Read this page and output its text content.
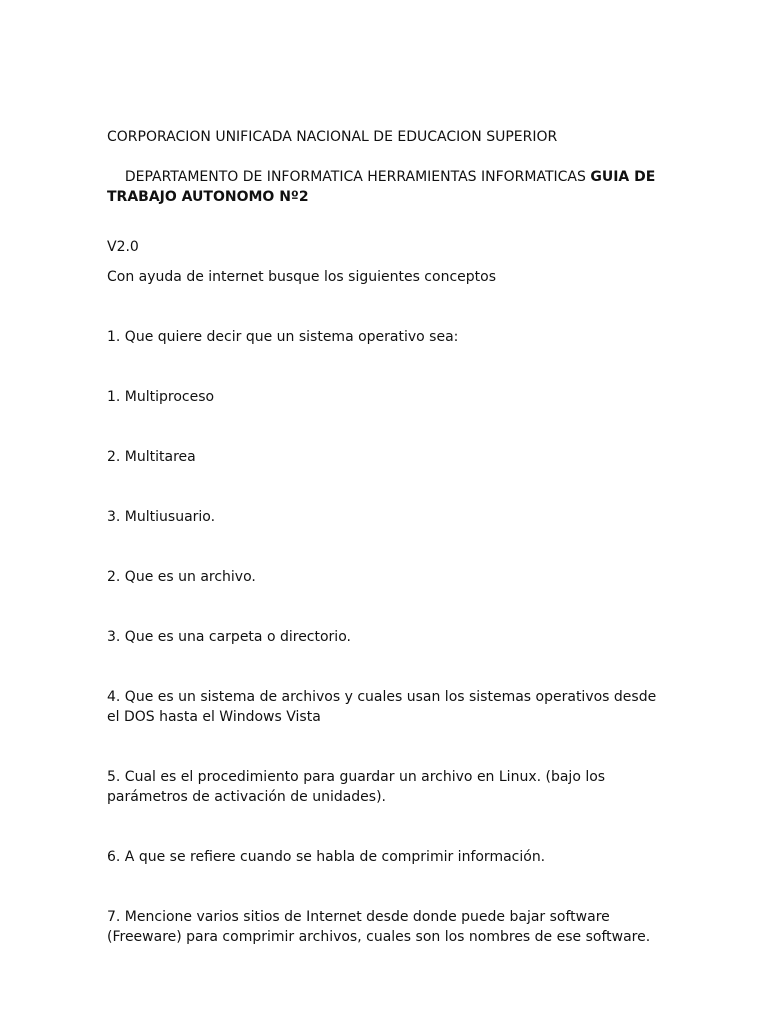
CORPORACION UNIFICADA NACIONAL DE EDUCACION SUPERIOR

DEPARTAMENTO DE INFORMATICA HERRAMIENTAS INFORMATICAS GUIA DE TRABAJO AUTONOMO Nº2

V2.0

Con ayuda de internet busque los siguientes conceptos

1. Que quiere decir que un sistema operativo sea:

1. Multiproceso

2. Multitarea

3. Multiusuario.

2. Que es un archivo.

3. Que es una carpeta o directorio.

4. Que es un sistema de archivos y cuales usan los sistemas operativos desde el DOS hasta el Windows Vista

5. Cual es el procedimiento para guardar un archivo en Linux. (bajo los parámetros de activación de unidades).

6. A que se refiere cuando se habla de comprimir información.

7. Mencione varios sitios de Internet desde donde puede bajar software (Freeware) para comprimir archivos, cuales son los nombres de ese software.
